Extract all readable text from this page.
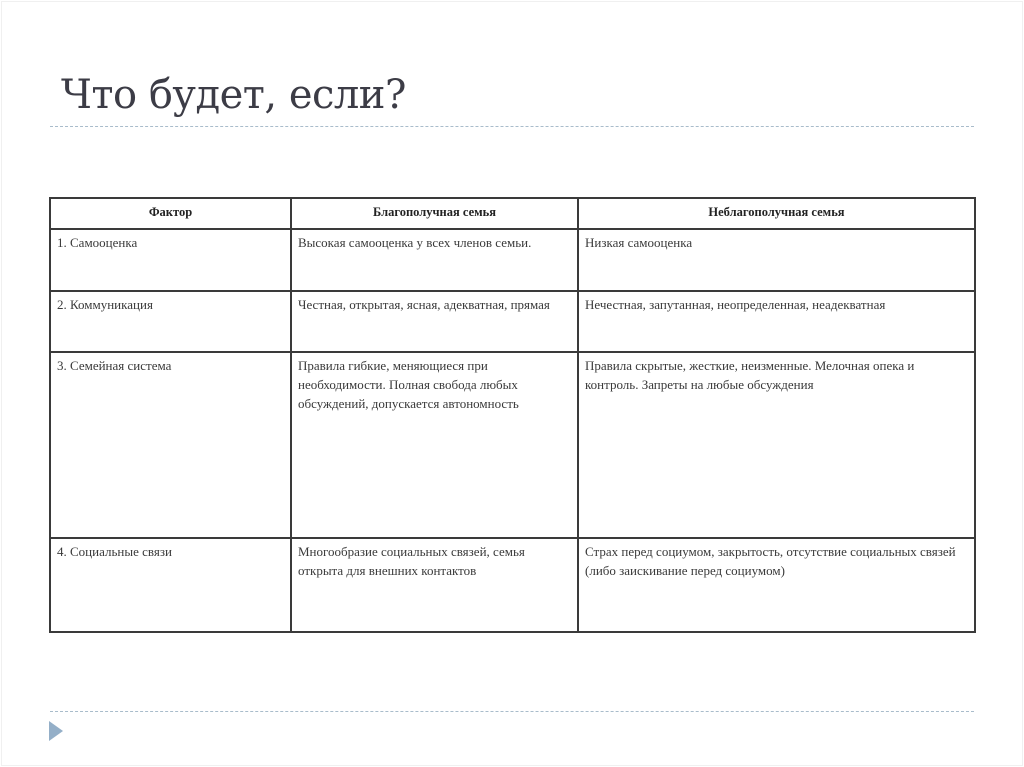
Что будет, если?
Фактор	Благополучная семья	Неблагополучная семья
1. Самооценка	Высокая самооценка у всех членов семьи.	Низкая самооценка
2. Коммуникация	Честная, открытая, ясная, адекватная, прямая	Нечестная, запутанная, неопределенная, неадекватная
3. Семейная система	Правила гибкие, меняющиеся при необходимости. Полная свобода любых обсуждений, допускается автономность	Правила скрытые, жесткие, неизменные. Мелочная опека и контроль. Запреты на любые обсуждения
4. Социальные связи	Многообразие социальных связей, семья открыта для внешних контактов	Страх перед социумом, закрытость, отсутствие социальных связей (либо заискивание перед социумом)
